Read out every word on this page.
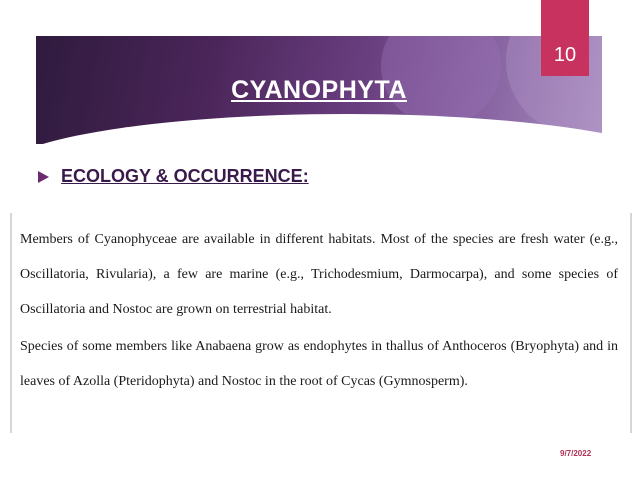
CYANOPHYTA
10
ECOLOGY & OCCURRENCE:

Members of Cyanophyceae are available in different habitats. Most of the species are fresh water (e.g., Oscillatoria, Rivularia), a few are marine (e.g., Trichodesmium, Darmocarpa), and some species of Oscillatoria and Nostoc are grown on terrestrial habitat.

Species of some members like Anabaena grow as endophytes in thallus of Anthoceros (Bryophyta) and in leaves of Azolla (Pteridophyta) and Nostoc in the root of Cycas (Gymnosperm).

9/7/2022
